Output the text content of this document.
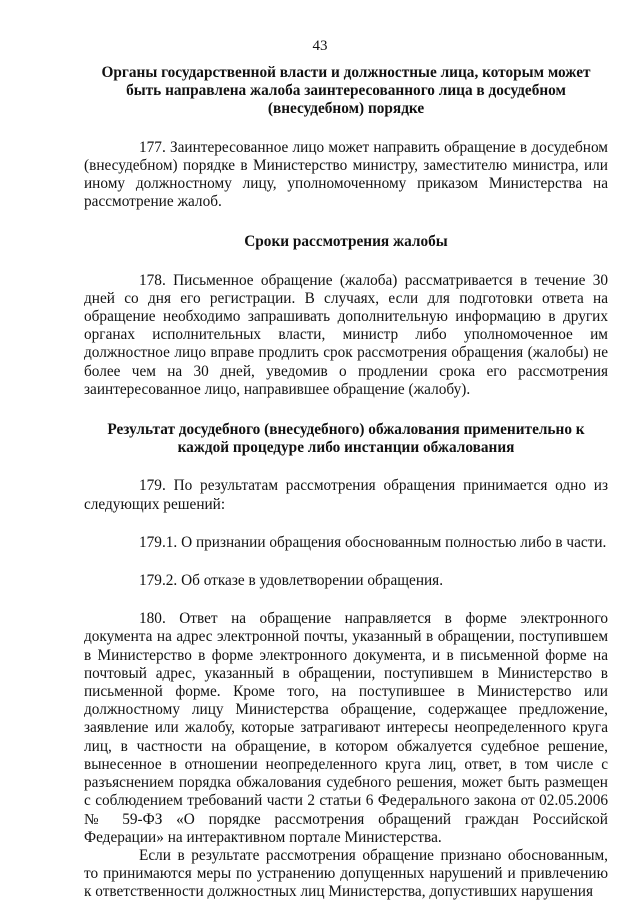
43

Органы государственной власти и должностные лица, которым может быть направлена жалоба заинтересованного лица в досудебном (внесудебном) порядке

177. Заинтересованное лицо может направить обращение в досудебном (внесудебном) порядке в Министерство министру, заместителю министра, или иному должностному лицу, уполномоченному приказом Министерства на рассмотрение жалоб.

Сроки рассмотрения жалобы

178. Письменное обращение (жалоба) рассматривается в течение 30 дней со дня его регистрации. В случаях, если для подготовки ответа на обращение необходимо запрашивать дополнительную информацию в других органах исполнительных власти, министр либо уполномоченное им должностное лицо вправе продлить срок рассмотрения обращения (жалобы) не более чем на 30 дней, уведомив о продлении срока его рассмотрения заинтересованное лицо, направившее обращение (жалобу).

Результат досудебного (внесудебного) обжалования применительно к каждой процедуре либо инстанции обжалования

179. По результатам рассмотрения обращения принимается одно из следующих решений:

179.1. О признании обращения обоснованным полностью либо в части.

179.2. Об отказе в удовлетворении обращения.

180. Ответ на обращение направляется в форме электронного документа на адрес электронной почты, указанный в обращении, поступившем в Министерство в форме электронного документа, и в письменной форме на почтовый адрес, указанный в обращении, поступившем в Министерство в письменной форме. Кроме того, на поступившее в Министерство или должностному лицу Министерства обращение, содержащее предложение, заявление или жалобу, которые затрагивают интересы неопределенного круга лиц, в частности на обращение, в котором обжалуется судебное решение, вынесенное в отношении неопределенного круга лиц, ответ, в том числе с разъяснением порядка обжалования судебного решения, может быть размещен с соблюдением требований части 2 статьи 6 Федерального закона от 02.05.2006 № 59-ФЗ «О порядке рассмотрения обращений граждан Российской Федерации» на интерактивном портале Министерства.

Если в результате рассмотрения обращение признано обоснованным, то принимаются меры по устранению допущенных нарушений и привлечению к ответственности должностных лиц Министерства, допустивших нарушения
